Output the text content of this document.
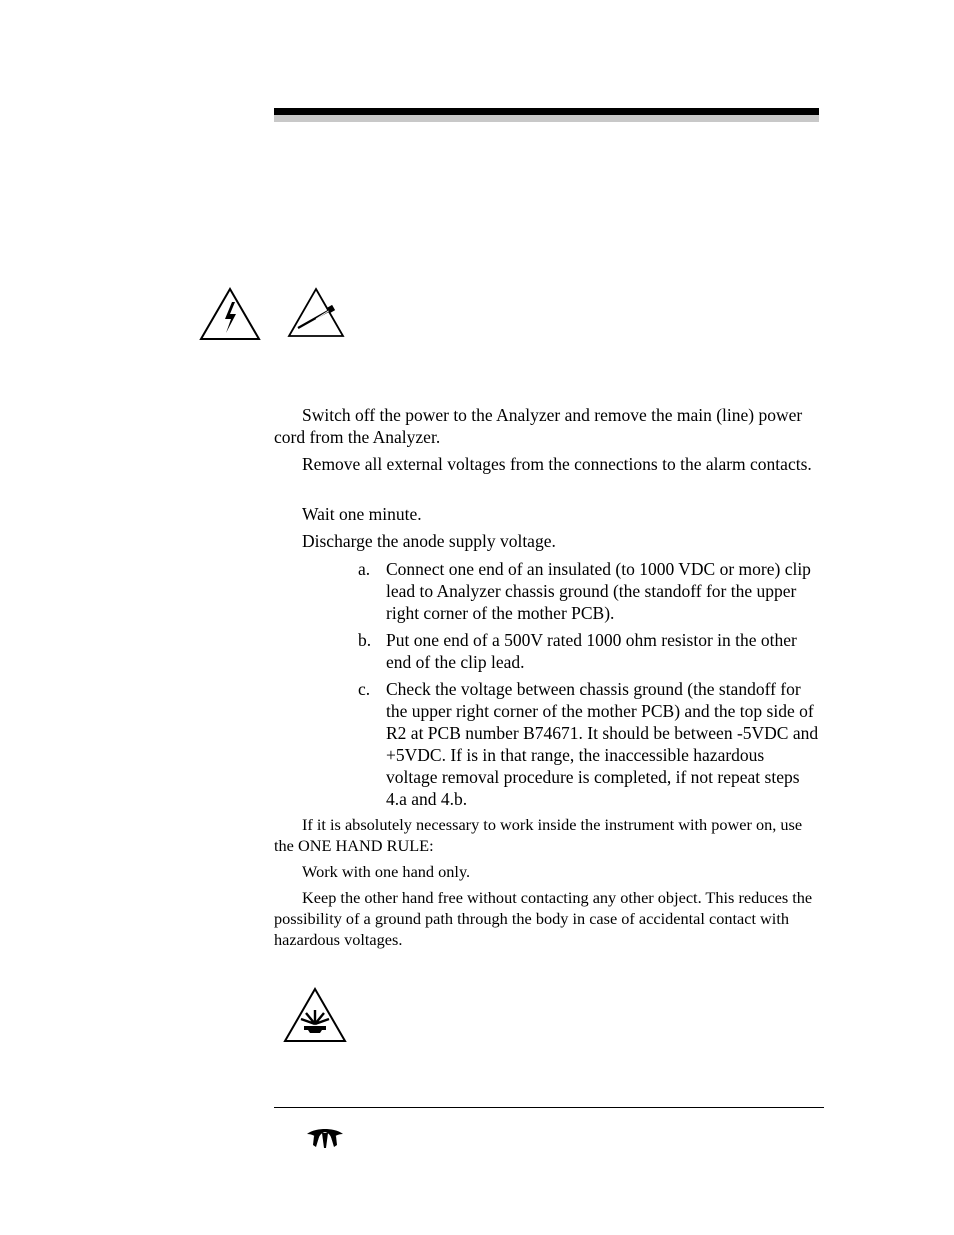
Switch off the power to the Analyzer and remove the main (line) power cord from the Analyzer.

Remove all external voltages from the connections to the alarm contacts.

Wait one minute.

Discharge the anode supply voltage.

a. Connect one end of an insulated (to 1000 VDC or more) clip lead to Analyzer chassis ground (the standoff for the upper right corner of the mother PCB).
b. Put one end of a 500V rated 1000 ohm resistor in the other end of the clip lead.
c. Check the voltage between chassis ground (the standoff for the upper right corner of the mother PCB) and the top side of R2 at PCB number B74671. It should be between -5VDC and +5VDC. If is in that range, the inaccessible hazardous voltage removal procedure is completed, if not repeat steps 4.a and 4.b.

If it is absolutely necessary to work inside the instrument with power on, use the ONE HAND RULE:

Work with one hand only.

Keep the other hand free without contacting any other object. This reduces the possibility of a ground path through the body in case of accidental contact with hazardous voltages.
